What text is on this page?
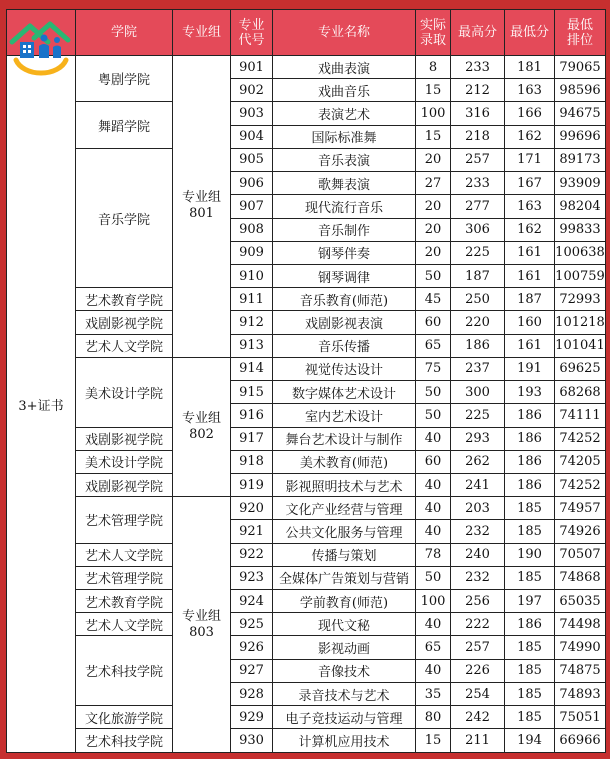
	学院	专业组	专业代号	专业名称	实际录取	最高分	最低分	最低排位
3+证书	粤剧学院	专业组801	901	戏曲表演	8	233	181	79065
			902	戏曲音乐	15	212	163	98596
	舞蹈学院		903	表演艺术	100	316	166	94675
			904	国际标准舞	15	218	162	99696
	音乐学院		905	音乐表演	20	257	171	89173
			906	歌舞表演	27	233	167	93909
			907	现代流行音乐	20	277	163	98204
			908	音乐制作	20	306	162	99833
			909	钢琴伴奏	20	225	161	100638
			910	钢琴调律	50	187	161	100759
	艺术教育学院		911	音乐教育(师范)	45	250	187	72993
	戏剧影视学院		912	戏剧影视表演	60	220	160	101218
	艺术人文学院		913	音乐传播	65	186	161	101041
	美术设计学院	专业组802	914	视觉传达设计	75	237	191	69625
			915	数字媒体艺术设计	50	300	193	68268
			916	室内艺术设计	50	225	186	74111
	戏剧影视学院		917	舞台艺术设计与制作	40	293	186	74252
	美术设计学院		918	美术教育(师范)	60	262	186	74205
	戏剧影视学院		919	影视照明技术与艺术	40	241	186	74252
	艺术管理学院	专业组803	920	文化产业经营与管理	40	203	185	74957
			921	公共文化服务与管理	40	232	185	74926
	艺术人文学院		922	传播与策划	78	240	190	70507
	艺术管理学院		923	全媒体广告策划与营销	50	232	185	74868
	艺术教育学院		924	学前教育(师范)	100	256	197	65035
	艺术人文学院		925	现代文秘	40	222	186	74498
	艺术科技学院		926	影视动画	65	257	185	74990
			927	音像技术	40	226	185	74875
			928	录音技术与艺术	35	254	185	74893
	文化旅游学院		929	电子竞技运动与管理	80	242	185	75051
	艺术科技学院		930	计算机应用技术	15	211	194	66966
